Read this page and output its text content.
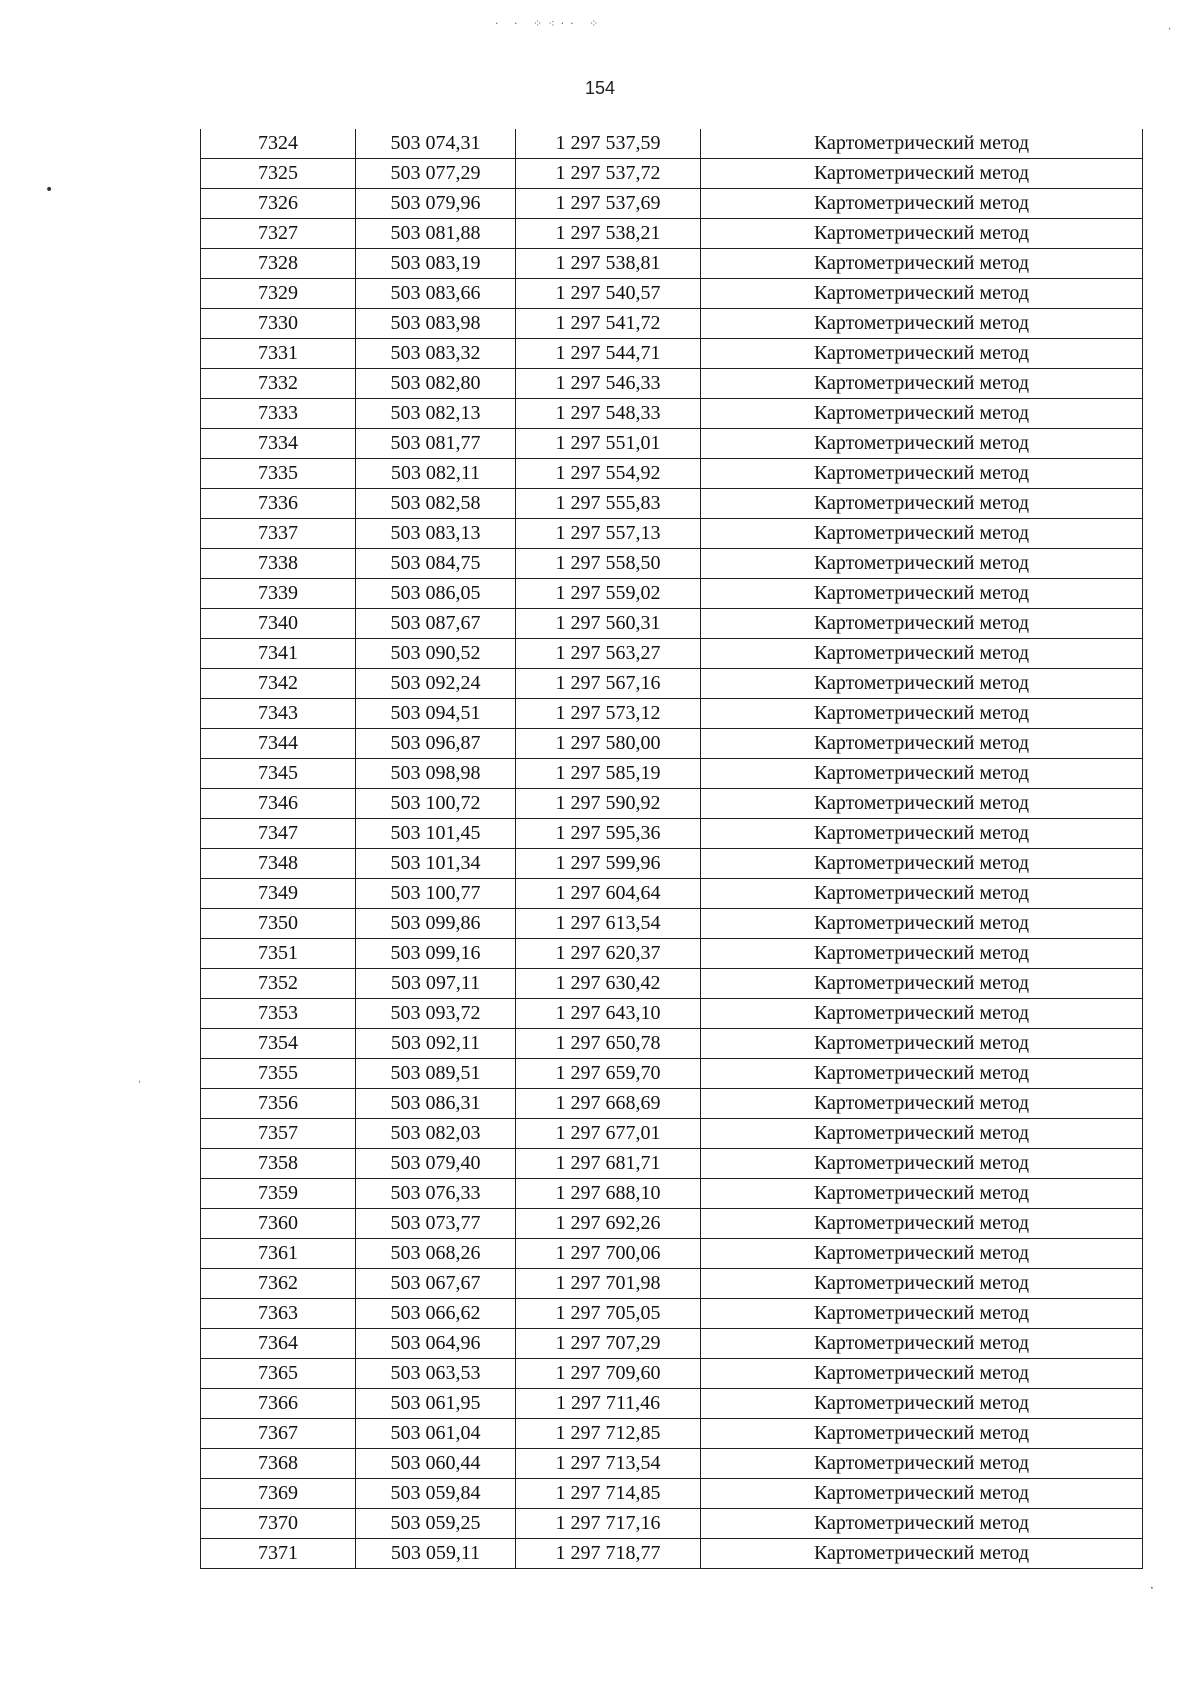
· · ⁘⁖·· ⁘
•
,
·
‚
154
7324	503 074,31	1 297 537,59	Картометрический метод
7325	503 077,29	1 297 537,72	Картометрический метод
7326	503 079,96	1 297 537,69	Картометрический метод
7327	503 081,88	1 297 538,21	Картометрический метод
7328	503 083,19	1 297 538,81	Картометрический метод
7329	503 083,66	1 297 540,57	Картометрический метод
7330	503 083,98	1 297 541,72	Картометрический метод
7331	503 083,32	1 297 544,71	Картометрический метод
7332	503 082,80	1 297 546,33	Картометрический метод
7333	503 082,13	1 297 548,33	Картометрический метод
7334	503 081,77	1 297 551,01	Картометрический метод
7335	503 082,11	1 297 554,92	Картометрический метод
7336	503 082,58	1 297 555,83	Картометрический метод
7337	503 083,13	1 297 557,13	Картометрический метод
7338	503 084,75	1 297 558,50	Картометрический метод
7339	503 086,05	1 297 559,02	Картометрический метод
7340	503 087,67	1 297 560,31	Картометрический метод
7341	503 090,52	1 297 563,27	Картометрический метод
7342	503 092,24	1 297 567,16	Картометрический метод
7343	503 094,51	1 297 573,12	Картометрический метод
7344	503 096,87	1 297 580,00	Картометрический метод
7345	503 098,98	1 297 585,19	Картометрический метод
7346	503 100,72	1 297 590,92	Картометрический метод
7347	503 101,45	1 297 595,36	Картометрический метод
7348	503 101,34	1 297 599,96	Картометрический метод
7349	503 100,77	1 297 604,64	Картометрический метод
7350	503 099,86	1 297 613,54	Картометрический метод
7351	503 099,16	1 297 620,37	Картометрический метод
7352	503 097,11	1 297 630,42	Картометрический метод
7353	503 093,72	1 297 643,10	Картометрический метод
7354	503 092,11	1 297 650,78	Картометрический метод
7355	503 089,51	1 297 659,70	Картометрический метод
7356	503 086,31	1 297 668,69	Картометрический метод
7357	503 082,03	1 297 677,01	Картометрический метод
7358	503 079,40	1 297 681,71	Картометрический метод
7359	503 076,33	1 297 688,10	Картометрический метод
7360	503 073,77	1 297 692,26	Картометрический метод
7361	503 068,26	1 297 700,06	Картометрический метод
7362	503 067,67	1 297 701,98	Картометрический метод
7363	503 066,62	1 297 705,05	Картометрический метод
7364	503 064,96	1 297 707,29	Картометрический метод
7365	503 063,53	1 297 709,60	Картометрический метод
7366	503 061,95	1 297 711,46	Картометрический метод
7367	503 061,04	1 297 712,85	Картометрический метод
7368	503 060,44	1 297 713,54	Картометрический метод
7369	503 059,84	1 297 714,85	Картометрический метод
7370	503 059,25	1 297 717,16	Картометрический метод
7371	503 059,11	1 297 718,77	Картометрический метод
